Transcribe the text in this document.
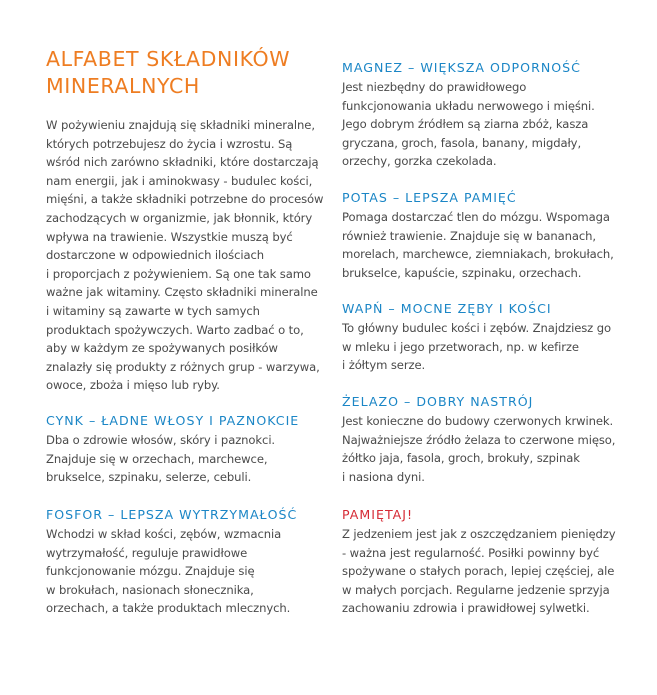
ALFABET SKŁADNIKÓW
MINERALNYCH

W pożywieniu znajdują się składniki mineralne,
których potrzebujesz do życia i wzrostu. Są
wśród nich zarówno składniki, które dostarczają
nam energii, jak i aminokwasy - budulec kości,
mięśni, a także składniki potrzebne do procesów
zachodzących w organizmie, jak błonnik, który
wpływa na trawienie. Wszystkie muszą być
dostarczone w odpowiednich ilościach
i proporcjach z pożywieniem. Są one tak samo
ważne jak witaminy. Często składniki mineralne
i witaminy są zawarte w tych samych
produktach spożywczych. Warto zadbać o to,
aby w każdym ze spożywanych posiłków
znalazły się produkty z różnych grup - warzywa,
owoce, zboża i mięso lub ryby.

CYNK – ŁADNE WŁOSY I PAZNOKCIE

Dba o zdrowie włosów, skóry i paznokci.
Znajduje się w orzechach, marchewce,
brukselce, szpinaku, selerze, cebuli.

FOSFOR – LEPSZA WYTRZYMAŁOŚĆ

Wchodzi w skład kości, zębów, wzmacnia
wytrzymałość, reguluje prawidłowe
funkcjonowanie mózgu. Znajduje się
w brokułach, nasionach słonecznika,
orzechach, a także produktach mlecznych.

MAGNEZ – WIĘKSZA ODPORNOŚĆ

Jest niezbędny do prawidłowego
funkcjonowania układu nerwowego i mięśni.
Jego dobrym źródłem są ziarna zbóż, kasza
gryczana, groch, fasola, banany, migdały,
orzechy, gorzka czekolada.

POTAS – LEPSZA PAMIĘĆ

Pomaga dostarczać tlen do mózgu. Wspomaga
również trawienie. Znajduje się w bananach,
morelach, marchewce, ziemniakach, brokułach,
brukselce, kapuście, szpinaku, orzechach.

WAPŃ – MOCNE ZĘBY I KOŚCI

To główny budulec kości i zębów. Znajdziesz go
w mleku i jego przetworach, np. w kefirze
i żółtym serze.

ŻELAZO – DOBRY NASTRÓJ

Jest konieczne do budowy czerwonych krwinek.
Najważniejsze źródło żelaza to czerwone mięso,
żółtko jaja, fasola, groch, brokuły, szpinak
i nasiona dyni.

PAMIĘTAJ!

Z jedzeniem jest jak z oszczędzaniem pieniędzy
- ważna jest regularność. Posiłki powinny być
spożywane o stałych porach, lepiej częściej, ale
w małych porcjach. Regularne jedzenie sprzyja
zachowaniu zdrowia i prawidłowej sylwetki.
